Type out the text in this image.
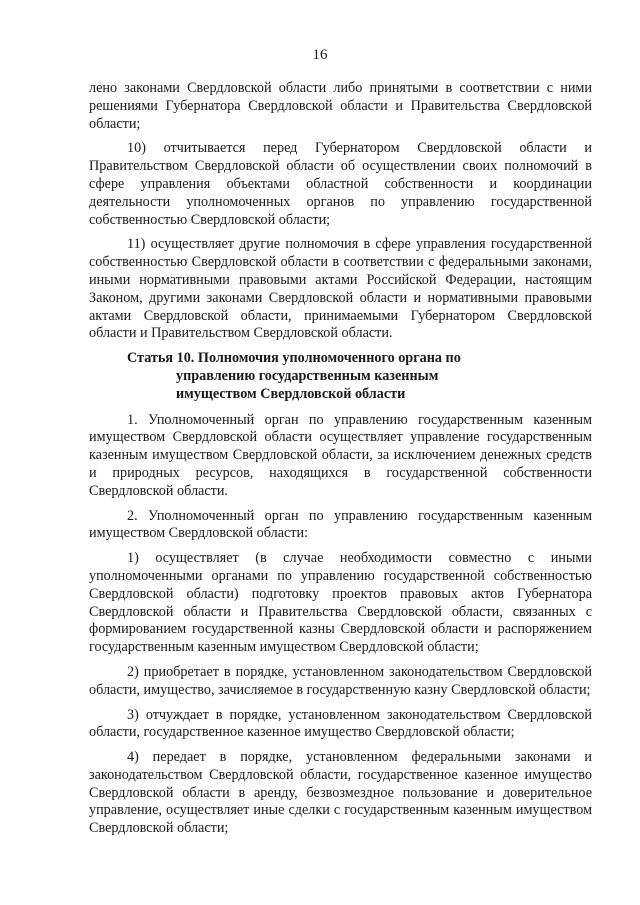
16

лено законами Свердловской области либо принятыми в соответствии с ними решениями Губернатора Свердловской области и Правительства Свердловской области;

10) отчитывается перед Губернатором Свердловской области и Правительством Свердловской области об осуществлении своих полномочий в сфере управления объектами областной собственности и координации деятельности уполномоченных органов по управлению государственной собственностью Свердловской области;

11) осуществляет другие полномочия в сфере управления государственной собственностью Свердловской области в соответствии с федеральными законами, иными нормативными правовыми актами Российской Федерации, настоящим Законом, другими законами Свердловской области и нормативными правовыми актами Свердловской области, принимаемыми Губернатором Свердловской области и Правительством Свердловской области.

Статья 10. Полномочия уполномоченного органа по
управлению государственным казенным
имуществом Свердловской области

1. Уполномоченный орган по управлению государственным казенным имуществом Свердловской области осуществляет управление государственным казенным имуществом Свердловской области, за исключением денежных средств и природных ресурсов, находящихся в государственной собственности Свердловской области.

2. Уполномоченный орган по управлению государственным казенным имуществом Свердловской области:

1) осуществляет (в случае необходимости совместно с иными уполномоченными органами по управлению государственной собственностью Свердловской области) подготовку проектов правовых актов Губернатора Свердловской области и Правительства Свердловской области, связанных с формированием государственной казны Свердловской области и распоряжением государственным казенным имуществом Свердловской области;

2) приобретает в порядке, установленном законодательством Свердловской области, имущество, зачисляемое в государственную казну Свердловской области;

3) отчуждает в порядке, установленном законодательством Свердловской области, государственное казенное имущество Свердловской области;

4) передает в порядке, установленном федеральными законами и законодательством Свердловской области, государственное казенное имущество Свердловской области в аренду, безвозмездное пользование и доверительное управление, осуществляет иные сделки с государственным казенным имуществом Свердловской области;
